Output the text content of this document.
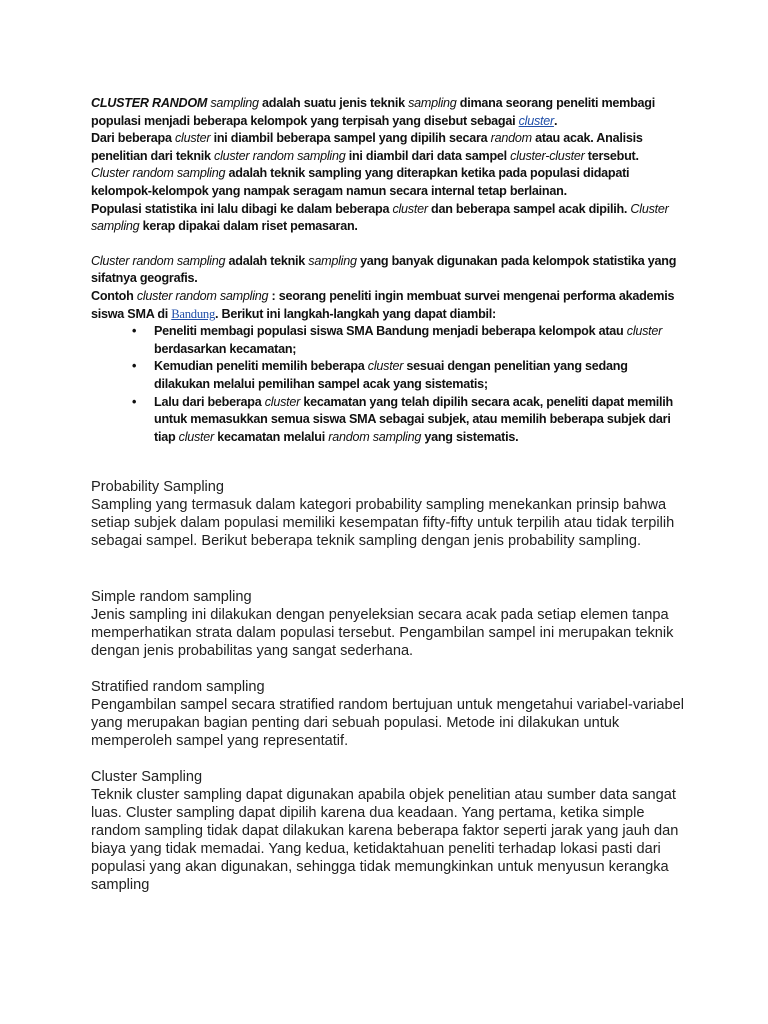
CLUSTER RANDOM sampling adalah suatu jenis teknik sampling dimana seorang peneliti membagi populasi menjadi beberapa kelompok yang terpisah yang disebut sebagai cluster.

Dari beberapa cluster ini diambil beberapa sampel yang dipilih secara random atau acak. Analisis penelitian dari teknik cluster random sampling ini diambil dari data sampel cluster-cluster tersebut.

Cluster random sampling adalah teknik sampling yang diterapkan ketika pada populasi didapati kelompok-kelompok yang nampak seragam namun secara internal tetap berlainan.

Populasi statistika ini lalu dibagi ke dalam beberapa cluster dan beberapa sampel acak dipilih. Cluster sampling kerap dipakai dalam riset pemasaran.

Cluster random sampling adalah teknik sampling yang banyak digunakan pada kelompok statistika yang sifatnya geografis.

Contoh cluster random sampling : seorang peneliti ingin membuat survei mengenai performa akademis siswa SMA di Bandung. Berikut ini langkah-langkah yang dapat diambil:

• Peneliti membagi populasi siswa SMA Bandung menjadi beberapa kelompok atau cluster berdasarkan kecamatan;
• Kemudian peneliti memilih beberapa cluster sesuai dengan penelitian yang sedang dilakukan melalui pemilihan sampel acak yang sistematis;
• Lalu dari beberapa cluster kecamatan yang telah dipilih secara acak, peneliti dapat memilih untuk memasukkan semua siswa SMA sebagai subjek, atau memilih beberapa subjek dari tiap cluster kecamatan melalui random sampling yang sistematis.

Probability Sampling

Sampling yang termasuk dalam kategori probability sampling menekankan prinsip bahwa setiap subjek dalam populasi memiliki kesempatan fifty-fifty untuk terpilih atau tidak terpilih sebagai sampel. Berikut beberapa teknik sampling dengan jenis probability sampling.

Simple random sampling

Jenis sampling ini dilakukan dengan penyeleksian secara acak pada setiap elemen tanpa memperhatikan strata dalam populasi tersebut. Pengambilan sampel ini merupakan teknik dengan jenis probabilitas yang sangat sederhana.

Stratified random sampling

Pengambilan sampel secara stratified random bertujuan untuk mengetahui variabel-variabel yang merupakan bagian penting dari sebuah populasi. Metode ini dilakukan untuk memperoleh sampel yang representatif.

Cluster Sampling

Teknik cluster sampling dapat digunakan apabila objek penelitian atau sumber data sangat luas. Cluster sampling dapat dipilih karena dua keadaan. Yang pertama, ketika simple random sampling tidak dapat dilakukan karena beberapa faktor seperti jarak yang jauh dan biaya yang tidak memadai. Yang kedua, ketidaktahuan peneliti terhadap lokasi pasti dari populasi yang akan digunakan, sehingga tidak memungkinkan untuk menyusun kerangka sampling
